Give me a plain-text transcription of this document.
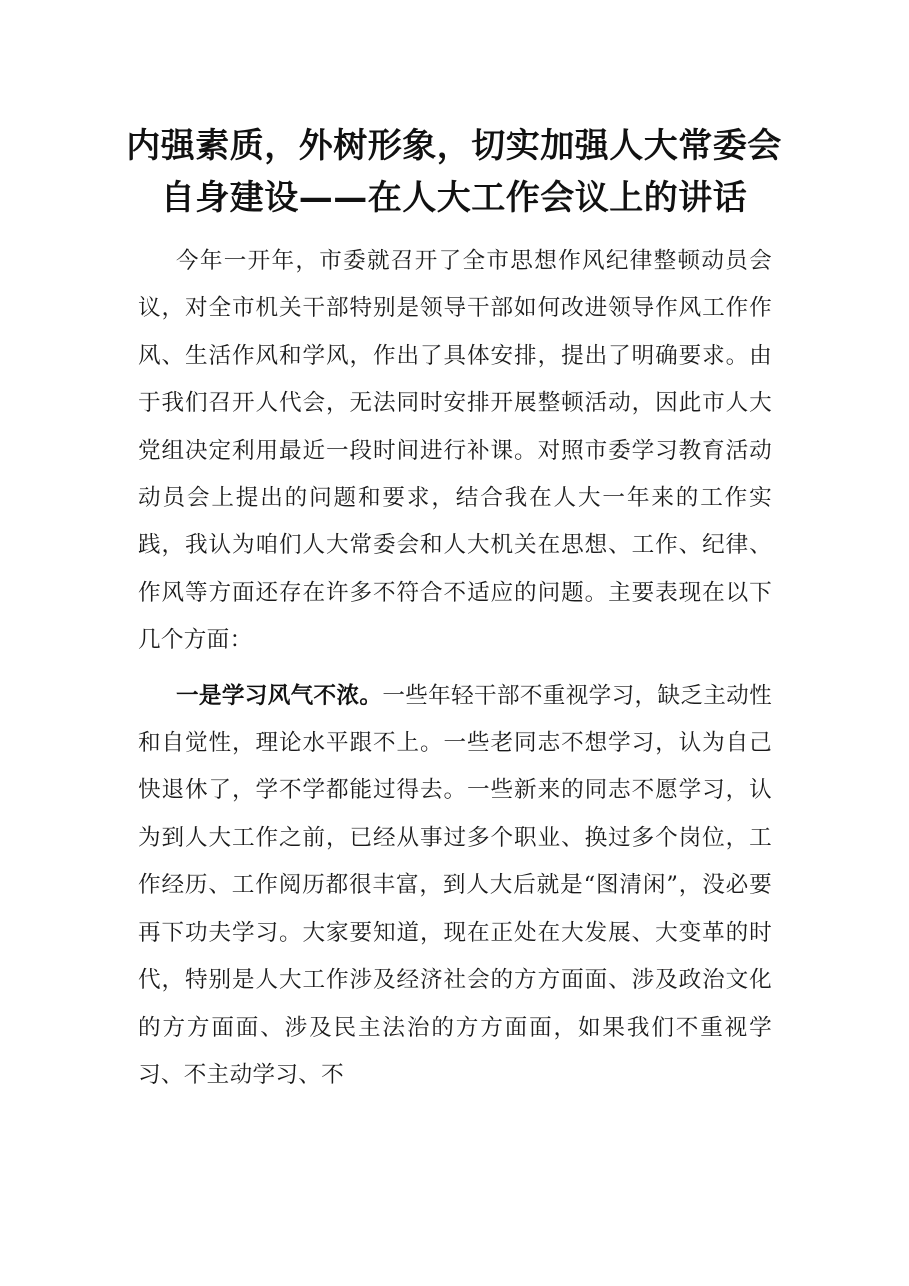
内强素质，外树形象，切实加强人大常委会自身建设——在人大工作会议上的讲话

今年一开年，市委就召开了全市思想作风纪律整顿动员会议，对全市机关干部特别是领导干部如何改进领导作风工作作风、生活作风和学风，作出了具体安排，提出了明确要求。由于我们召开人代会，无法同时安排开展整顿活动，因此市人大党组决定利用最近一段时间进行补课。对照市委学习教育活动动员会上提出的问题和要求，结合我在人大一年来的工作实践，我认为咱们人大常委会和人大机关在思想、工作、纪律、作风等方面还存在许多不符合不适应的问题。主要表现在以下几个方面：

一是学习风气不浓。一些年轻干部不重视学习，缺乏主动性和自觉性，理论水平跟不上。一些老同志不想学习，认为自己快退休了，学不学都能过得去。一些新来的同志不愿学习，认为到人大工作之前，已经从事过多个职业、换过多个岗位，工作经历、工作阅历都很丰富，到人大后就是“图清闲”，没必要再下功夫学习。大家要知道，现在正处在大发展、大变革的时代，特别是人大工作涉及经济社会的方方面面、涉及政治文化的方方面面、涉及民主法治的方方面面，如果我们不重视学习、不主动学习、不
